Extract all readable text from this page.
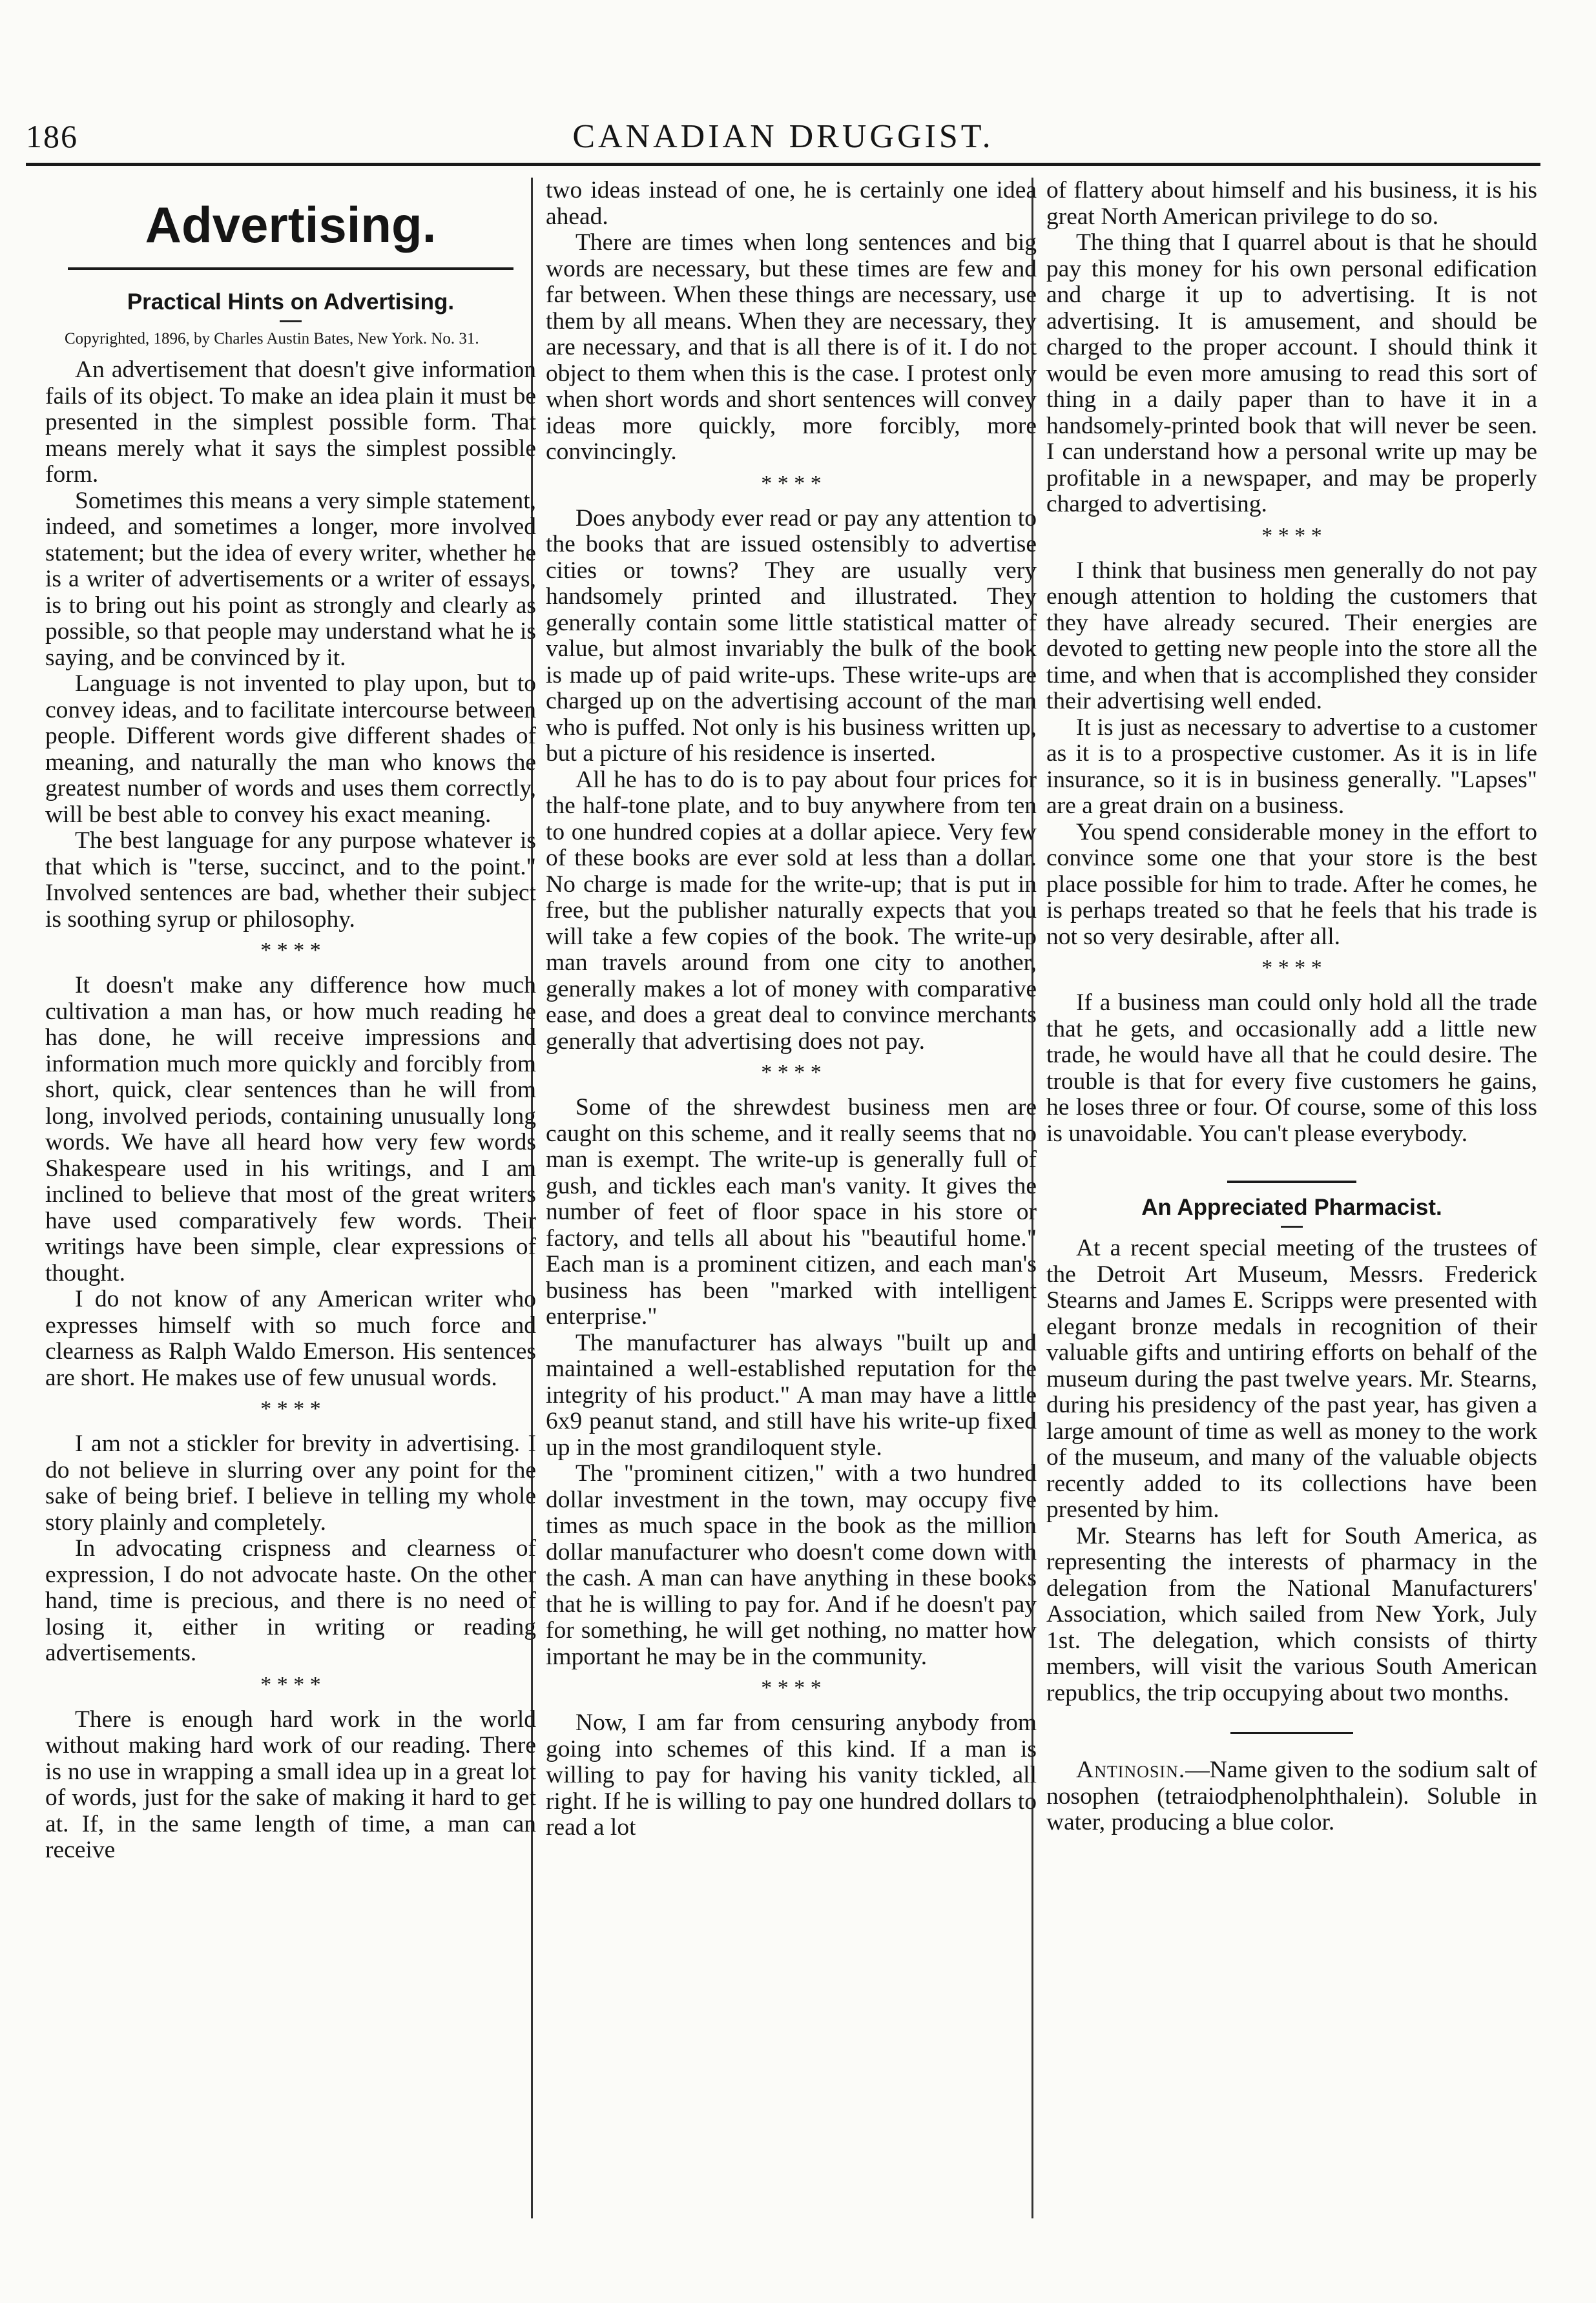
186	CANADIAN DRUGGIST.
Advertising.
Practical Hints on Advertising.

Copyrighted, 1896, by Charles Austin Bates, New York. No. 31.

An advertisement that doesn't give information fails of its object. To make an idea plain it must be presented in the simplest possible form. That means merely what it says the simplest possible form.

Sometimes this means a very simple statement, indeed, and sometimes a longer, more involved statement; but the idea of every writer, whether he is a writer of advertisements or a writer of essays, is to bring out his point as strongly and clearly as possible, so that people may understand what he is saying, and be convinced by it.

Language is not invented to play upon, but to convey ideas, and to facilitate intercourse between people. Different words give different shades of meaning, and naturally the man who knows the greatest number of words and uses them correctly, will be best able to convey his exact meaning.

The best language for any purpose whatever is that which is "terse, succinct, and to the point." Involved sentences are bad, whether their subject is soothing syrup or philosophy.

* * * *

It doesn't make any difference how much cultivation a man has, or how much reading he has done, he will receive impressions and information much more quickly and forcibly from short, quick, clear sentences than he will from long, involved periods, containing unusually long words. We have all heard how very few words Shakespeare used in his writings, and I am inclined to believe that most of the great writers have used comparatively few words. Their writings have been simple, clear expressions of thought.

I do not know of any American writer who expresses himself with so much force and clearness as Ralph Waldo Emerson. His sentences are short. He makes use of few unusual words.

* * * *

I am not a stickler for brevity in advertising. I do not believe in slurring over any point for the sake of being brief. I believe in telling my whole story plainly and completely.

In advocating crispness and clearness of expression, I do not advocate haste. On the other hand, time is precious, and there is no need of losing it, either in writing or reading advertisements.

* * * *

There is enough hard work in the world without making hard work of our reading. There is no use in wrapping a small idea up in a great lot of words, just for the sake of making it hard to get at. If, in the same length of time, a man can receive

two ideas instead of one, he is certainly one idea ahead.

There are times when long sentences and big words are necessary, but these times are few and far between. When these things are necessary, use them by all means. When they are necessary, they are necessary, and that is all there is of it. I do not object to them when this is the case. I protest only when short words and short sentences will convey ideas more quickly, more forcibly, more convincingly.

* * * *

Does anybody ever read or pay any attention to the books that are issued ostensibly to advertise cities or towns? They are usually very handsomely printed and illustrated. They generally contain some little statistical matter of value, but almost invariably the bulk of the book is made up of paid write-ups. These write-ups are charged up on the advertising account of the man who is puffed. Not only is his business written up, but a picture of his residence is inserted.

All he has to do is to pay about four prices for the half-tone plate, and to buy anywhere from ten to one hundred copies at a dollar apiece. Very few of these books are ever sold at less than a dollar. No charge is made for the write-up; that is put in free, but the publisher naturally expects that you will take a few copies of the book. The write-up man travels around from one city to another, generally makes a lot of money with comparative ease, and does a great deal to convince merchants generally that advertising does not pay.

* * * *

Some of the shrewdest business men are caught on this scheme, and it really seems that no man is exempt. The write-up is generally full of gush, and tickles each man's vanity. It gives the number of feet of floor space in his store or factory, and tells all about his "beautiful home." Each man is a prominent citizen, and each man's business has been "marked with intelligent enterprise."

The manufacturer has always "built up and maintained a well-established reputation for the integrity of his product." A man may have a little 6x9 peanut stand, and still have his write-up fixed up in the most grandiloquent style.

The "prominent citizen," with a two hundred dollar investment in the town, may occupy five times as much space in the book as the million dollar manufacturer who doesn't come down with the cash. A man can have anything in these books that he is willing to pay for. And if he doesn't pay for something, he will get nothing, no matter how important he may be in the community.

* * * *

Now, I am far from censuring anybody from going into schemes of this kind. If a man is willing to pay for having his vanity tickled, all right. If he is willing to pay one hundred dollars to read a lot

of flattery about himself and his business, it is his great North American privilege to do so.

The thing that I quarrel about is that he should pay this money for his own personal edification and charge it up to advertising. It is not advertising. It is amusement, and should be charged to the proper account. I should think it would be even more amusing to read this sort of thing in a daily paper than to have it in a handsomely-printed book that will never be seen. I can understand how a personal write up may be profitable in a newspaper, and may be properly charged to advertising.

* * * *

I think that business men generally do not pay enough attention to holding the customers that they have already secured. Their energies are devoted to getting new people into the store all the time, and when that is accomplished they consider their advertising well ended.

It is just as necessary to advertise to a customer as it is to a prospective customer. As it is in life insurance, so it is in business generally. "Lapses" are a great drain on a business.

You spend considerable money in the effort to convince some one that your store is the best place possible for him to trade. After he comes, he is perhaps treated so that he feels that his trade is not so very desirable, after all.

* * * *

If a business man could only hold all the trade that he gets, and occasionally add a little new trade, he would have all that he could desire. The trouble is that for every five customers he gains, he loses three or four. Of course, some of this loss is unavoidable. You can't please everybody.

An Appreciated Pharmacist.

At a recent special meeting of the trustees of the Detroit Art Museum, Messrs. Frederick Stearns and James E. Scripps were presented with elegant bronze medals in recognition of their valuable gifts and untiring efforts on behalf of the museum during the past twelve years. Mr. Stearns, during his presidency of the past year, has given a large amount of time as well as money to the work of the museum, and many of the valuable objects recently added to its collections have been presented by him.

Mr. Stearns has left for South America, as representing the interests of pharmacy in the delegation from the National Manufacturers' Association, which sailed from New York, July 1st. The delegation, which consists of thirty members, will visit the various South American republics, the trip occupying about two months.

Antinosin.—Name given to the sodium salt of nosophen (tetraiodphenolphthalein). Soluble in water, producing a blue color.
